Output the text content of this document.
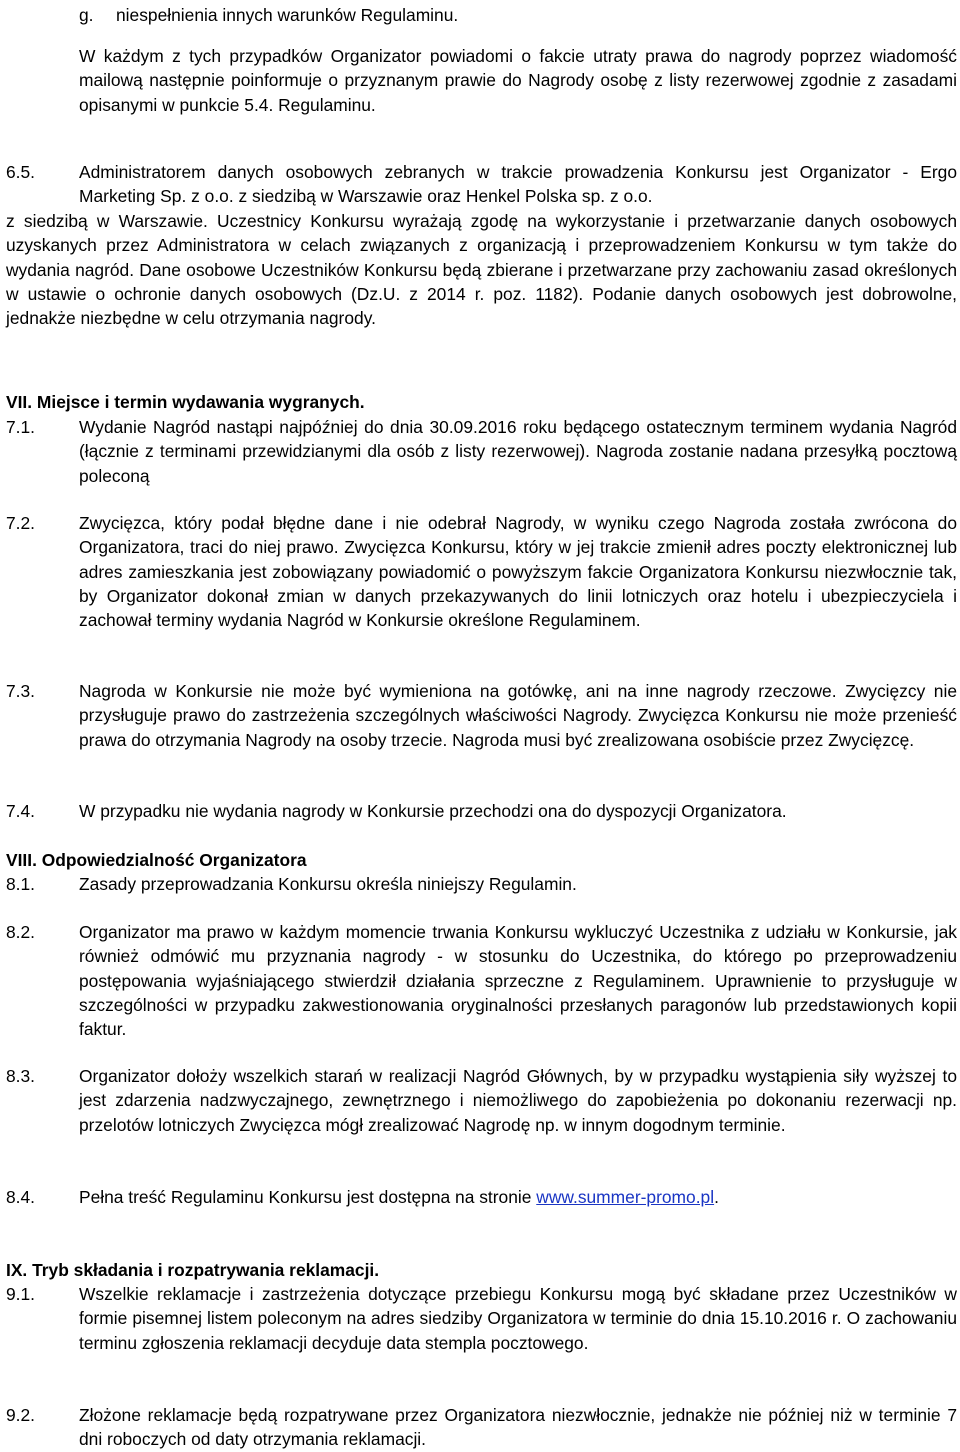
g. niespełnienia innych warunków Regulaminu.
W każdym z tych przypadków Organizator powiadomi o fakcie utraty prawa do nagrody poprzez wiadomość mailową następnie poinformuje o przyznanym prawie do Nagrody osobę z listy rezerwowej zgodnie z zasadami opisanymi w punkcie 5.4. Regulaminu.
6.5.	Administratorem danych osobowych zebranych w trakcie prowadzenia Konkursu jest Organizator - Ergo Marketing Sp. z o.o. z siedzibą w Warszawie oraz Henkel Polska sp. z o.o.
z siedzibą w Warszawie. Uczestnicy Konkursu wyrażają zgodę na wykorzystanie i przetwarzanie danych osobowych uzyskanych przez Administratora w celach związanych z organizacją i przeprowadzeniem Konkursu w tym także do wydania nagród. Dane osobowe Uczestników Konkursu będą zbierane i przetwarzane przy zachowaniu zasad określonych w ustawie o ochronie danych osobowych (Dz.U. z 2014 r. poz. 1182). Podanie danych osobowych jest dobrowolne, jednakże niezbędne w celu otrzymania nagrody.
VII. Miejsce i termin wydawania wygranych.
7.1.	Wydanie Nagród nastąpi najpóźniej do dnia 30.09.2016 roku będącego ostatecznym terminem wydania Nagród (łącznie z terminami przewidzianymi dla osób z listy rezerwowej). Nagroda zostanie nadana przesyłką pocztową poleconą
7.2.	Zwycięzca, który podał błędne dane i nie odebrał Nagrody, w wyniku czego Nagroda została zwrócona do Organizatora, traci do niej prawo. Zwycięzca Konkursu, który w jej trakcie zmienił adres poczty elektronicznej lub adres zamieszkania jest zobowiązany powiadomić o powyższym fakcie Organizatora Konkursu niezwłocznie tak, by Organizator dokonał zmian w danych przekazywanych do linii lotniczych oraz hotelu i ubezpieczyciela i zachował terminy wydania Nagród w Konkursie określone Regulaminem.
7.3.	Nagroda w Konkursie nie może być wymieniona na gotówkę, ani na inne nagrody rzeczowe. Zwycięzcy nie przysługuje prawo do zastrzeżenia szczególnych właściwości Nagrody. Zwycięzca Konkursu nie może przenieść prawa do otrzymania Nagrody na osoby trzecie. Nagroda musi być zrealizowana osobiście przez Zwycięzcę.
7.4.	W przypadku nie wydania nagrody w Konkursie przechodzi ona do dyspozycji Organizatora.
VIII. Odpowiedzialność Organizatora
8.1.	Zasady przeprowadzania Konkursu określa niniejszy Regulamin.
8.2.	Organizator ma prawo w każdym momencie trwania Konkursu wykluczyć Uczestnika z udziału w Konkursie, jak również odmówić mu przyznania nagrody - w stosunku do Uczestnika, do którego po przeprowadzeniu postępowania wyjaśniającego stwierdził działania sprzeczne z Regulaminem. Uprawnienie to przysługuje w szczególności w przypadku zakwestionowania oryginalności przesłanych paragonów lub przedstawionych kopii faktur.
8.3.	Organizator dołoży wszelkich starań w realizacji Nagród Głównych, by w przypadku wystąpienia siły wyższej to jest zdarzenia nadzwyczajnego, zewnętrznego i niemożliwego do zapobieżenia po dokonaniu rezerwacji np. przelotów lotniczych Zwycięzca mógł zrealizować Nagrodę np. w innym dogodnym terminie.
8.4.	Pełna treść Regulaminu Konkursu jest dostępna na stronie www.summer-promo.pl.
IX. Tryb składania i rozpatrywania reklamacji.
9.1.	Wszelkie reklamacje i zastrzeżenia dotyczące przebiegu Konkursu mogą być składane przez Uczestników w formie pisemnej listem poleconym na adres siedziby Organizatora w terminie do dnia 15.10.2016 r. O zachowaniu terminu zgłoszenia reklamacji decyduje data stempla pocztowego.
9.2.	Złożone reklamacje będą rozpatrywane przez Organizatora niezwłocznie, jednakże nie później niż w terminie 7 dni roboczych od daty otrzymania reklamacji.
